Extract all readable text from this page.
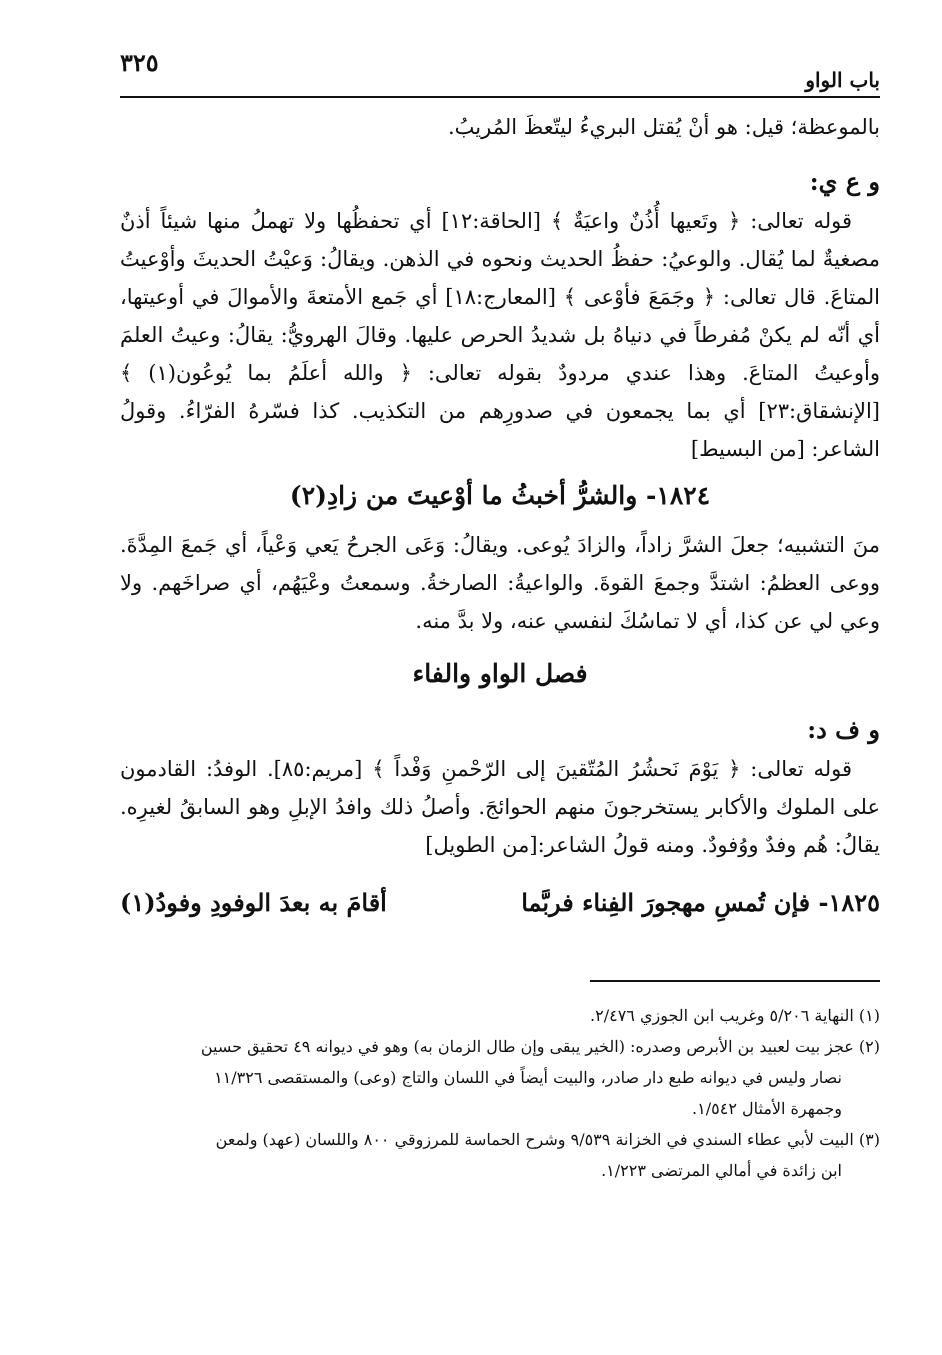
باب الواو
٣٢٥

بالموعظة؛ قيل: هو أنْ يُقتل البريءُ ليتّعظَ المُريبُ.

و ع ي:

قوله تعالى: ﴿ وتَعيها أُذُنٌ واعيَةٌ ﴾ [الحاقة:١٢] أي تحفظُها ولا تهملُ منها شيئاً أذنٌ مصغيةٌ لما يُقال. والوعيُ: حفظُ الحديث ونحوه في الذهن. ويقالُ: وَعيْتُ الحديثَ وأوْعيتُ المتاعَ. قال تعالى: ﴿ وجَمَعَ فأوْعى ﴾ [المعارج:١٨] أي جَمع الأمتعةَ والأموالَ في أوعيتها، أي أنّه لم يكنْ مُفرطاً في دنياهُ بل شديدُ الحرص عليها. وقالَ الهرويُّ: يقالُ: وعيتُ العلمَ وأوعيتُ المتاعَ. وهذا عندي مردودٌ بقوله تعالى: ﴿ والله أعلَمُ بما يُوعُون(١) ﴾ [الإنشقاق:٢٣] أي بما يجمعون في صدورِهم من التكذيب. كذا فسّرهُ الفرّاءُ. وقولُ الشاعر: [من البسيط]

١٨٢٤- والشرُّ أخبثُ ما أوْعيتَ من زادِ(٢)

منَ التشبيه؛ جعلَ الشرَّ زاداً، والزادَ يُوعى. ويقالُ: وَعَى الجرحُ يَعي وَعْياً، أي جَمعَ المِدَّةَ. ووعى العظمُ: اشتدَّ وجمعَ القوةَ. والواعيةُ: الصارخةُ. وسمعتُ وعْيَهُم، أي صراخَهم. ولا وعي لي عن كذا، أي لا تماسُكَ لنفسي عنه، ولا بدَّ منه.

فصل الواو والفاء
و ف د:

قوله تعالى: ﴿ يَوْمَ نَحشُرُ المُتّقينَ إلى الرّحْمنِ وَفْداً ﴾ [مريم:٨٥]. الوفدُ: القادمون على الملوك والأكابر يستخرجونَ منهم الحوائجَ. وأصلُ ذلك وافدُ الإبلِ وهو السابقُ لغيرِه. يقالُ: هُم وفدٌ ووُفودٌ. ومنه قولُ الشاعر:[من الطويل]

١٨٢٥- فإن تُمسِ مهجورَ الفِناء فربَّما
أقامَ به بعدَ الوفودِ وفودُ(١)

(١) النهاية ٥/٢٠٦ وغريب ابن الجوزي ٢/٤٧٦.

(٢) عجز بيت لعبيد بن الأبرص وصدره: (الخير يبقى وإن طال الزمان به) وهو في ديوانه ٤٩ تحقيق حسين

نصار وليس في ديوانه طبع دار صادر، والبيت أيضاً في اللسان والتاج (وعى) والمستقصى ١١/٣٢٦

وجمهرة الأمثال ١/٥٤٢.

(٣) البيت لأبي عطاء السندي في الخزانة ٩/٥٣٩ وشرح الحماسة للمرزوقي ٨٠٠ واللسان (عهد) ولمعن

ابن زائدة في أمالي المرتضى ١/٢٢٣.
